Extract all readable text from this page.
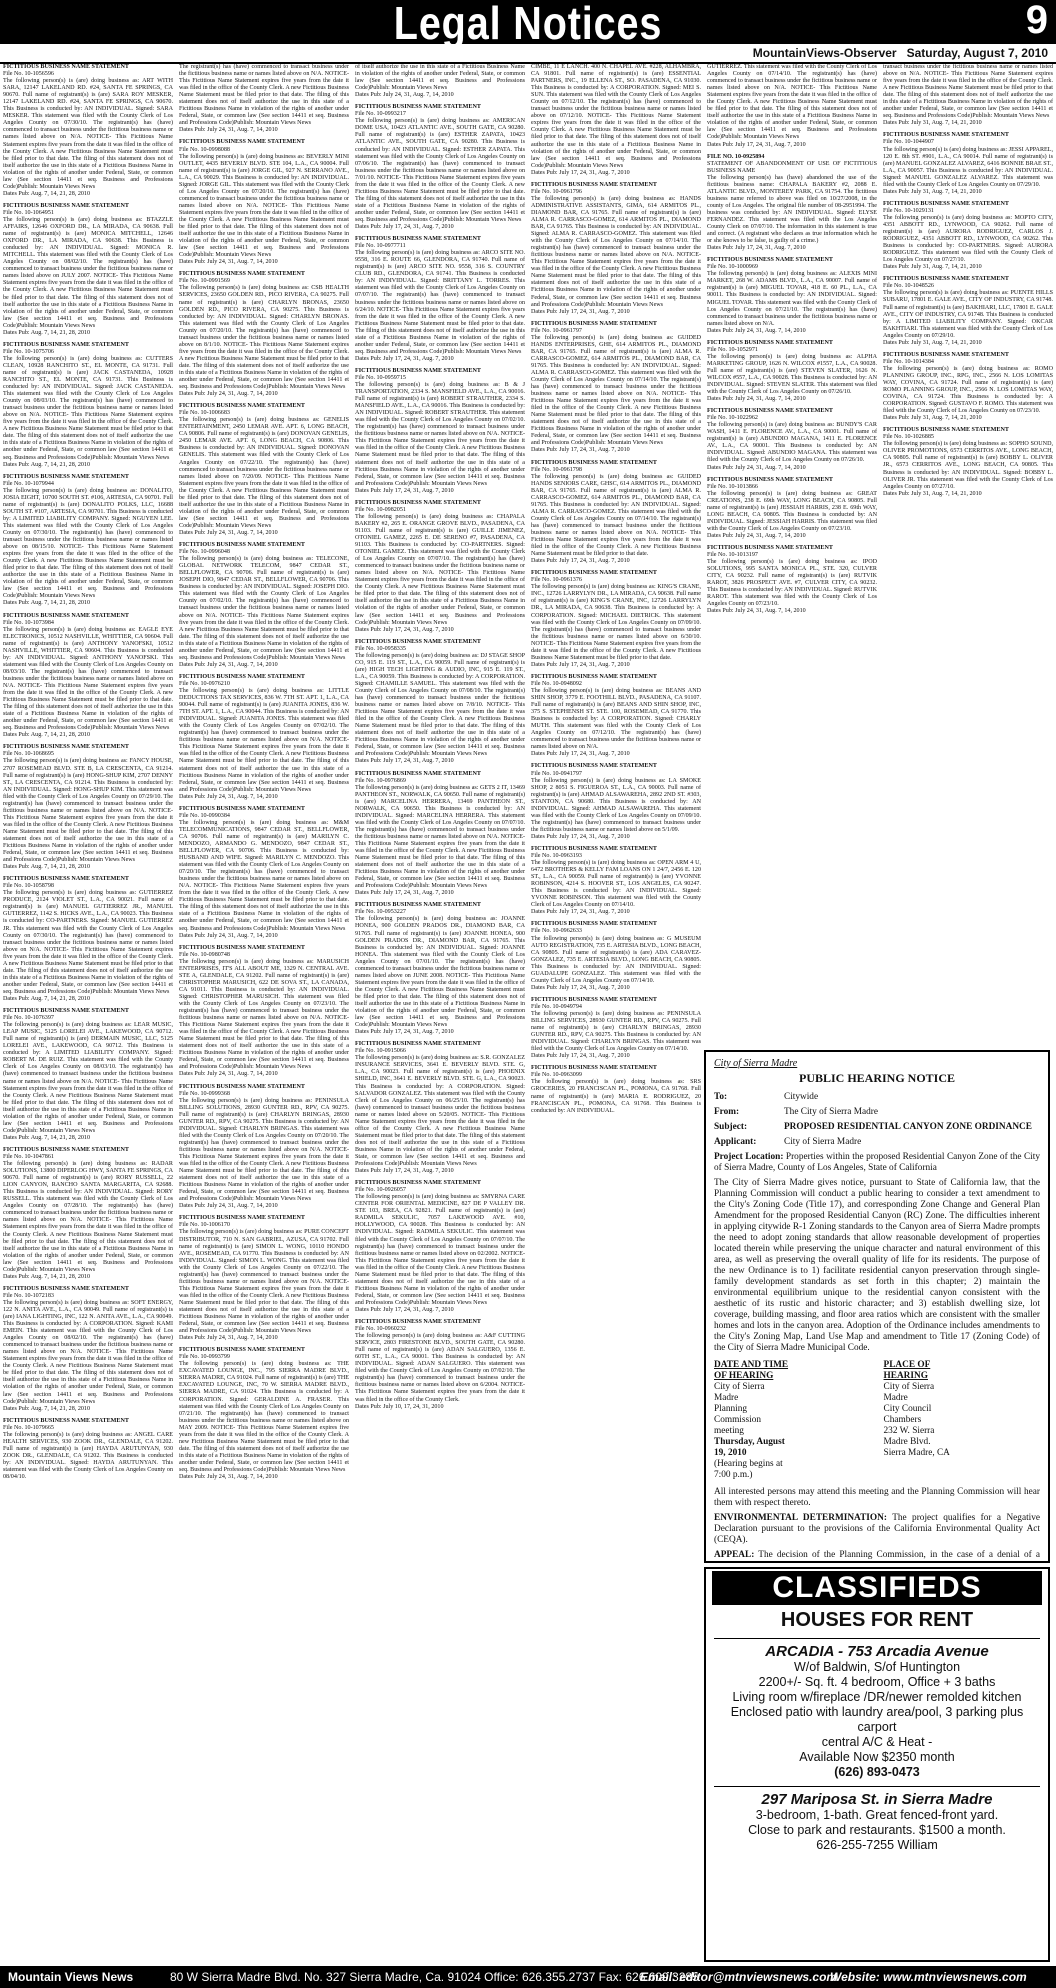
Legal Notices	9
MountainViews-Observer Saturday, August 7, 2010
FICTITIOUS BUSINESS NAME STATEMENT
File No. 10-1056596
The following person(s) is (are) doing business as: ART WITH SARA, 12147 LAKELAND RD. #24, SANTA FE SPRINGS, CA 90670. Full name of registrant(s) is (are) SARA ROY MESKER, 12147 LAKELAND RD. #24, SANTA FE SPRINGS, CA 90670. This Business is conducted by: AN INDIVIDUAL. Signed: SARA MESKER. This statement was filed with the County Clerk of Los Angeles County on 07/30/10. The registrant(s) has (have) commenced to transact business under the fictitious business name or names listed above on N/A. NOTICE- This Fictitious Name Statement expires five years from the date it was filed in the office of the County Clerk. A new Fictitious Business Name Statement must be filed prior to that date. The filing of this statement does not of itself authorize the use in this state of a Fictitious Business Name in violation of the rights of another under Federal, State, or common law (See section 14411 et seq. Business and Professions Code)Publish: Mountain Views News
Dates Pub: Aug. 7, 14, 21, 28, 2010
FICTITIOUS BUSINESS NAME STATEMENT
File No. 10-1064951
The following person(s) is (are) doing business as: BTAZZLE AFFAIRS, 12646 OXFORD DR., LA MIRADA, CA 90638. Full name of registrant(s) is (are) MONICA MITCHELL, 12646 OXFORD DR., LA MIRADA, CA 90638. This Business is conducted by: AN INDIVIDUAL. Signed: MONICA R. MITCHELL. This statement was filed with the County Clerk of Los Angeles County on 08/02/10. The registrant(s) has (have) commenced to transact business under the fictitious business name or names listed above on JULY 2007. NOTICE- This Fictitious Name Statement expires five years from the date it was filed in the office of the County Clerk. A new Fictitious Business Name Statement must be filed prior to that date. The filing of this statement does not of itself authorize the use in this state of a Fictitious Business Name in violation of the rights of another under Federal, State, or common law (See section 14411 et seq. Business and Professions Code)Publish: Mountain Views News
Dates Pub: Aug. 7, 14, 21, 28, 2010
FICTITIOUS BUSINESS NAME STATEMENT
File No. 10-1075706
The following person(s) is (are) doing business as: CUTTERS CLEAN, 10928 RANCHITO ST., EL MONTE, CA 91731. Full name of registrant(s) is (are) JACK CASTANEDA, 10928 RANCHITO ST., EL MONTE, CA 91731. This Business is conducted by: AN INDIVIDUAL. Signed: JACK CASTANEDA. This statement was filed with the County Clerk of Los Angeles County on 08/03/10. The registrant(s) has (have) commenced to transact business under the fictitious business name or names listed above on N/A. NOTICE- This Fictitious Name Statement expires five years from the date it was filed in the office of the County Clerk. A new Fictitious Business Name Statement must be filed prior to that date. The filing of this statement does not of itself authorize the use in this state of a Fictitious Business Name in violation of the rights of another under Federal, State, or common law (See section 14411 et seq. Business and Professions Code)Publish: Mountain Views News
Dates Pub: Aug. 7, 14, 21, 28, 2010
FICTITIOUS BUSINESS NAME STATEMENT
File No. 10-1079944
The following person(s) is (are) doing business as: DONALITO, JOSIA EIGHT, 10700 SOUTH ST. #106, ARTESIA, CA 90701. Full name of registrant(s) is (are) DONALITO POLKS, LLC, 16688 SOUTH ST. #107, ARTESIA, CA 90701. This Business is conducted by: A LIMITED LIABILITY COMPANY. Signed: NGUYEN LEE. This statement was filed with the County Clerk of Los Angeles County on 07/30/10. The registrant(s) has (have) commenced to transact business under the fictitious business name or names listed above on 08/15/10. NOTICE- This Fictitious Name Statement expires five years from the date it was filed in the office of the County Clerk. A new Fictitious Business Name Statement must be filed prior to that date. The filing of this statement does not of itself authorize the use in this state of a Fictitious Business Name in violation of the rights of another under Federal, State, or common law (See section 14411 et seq. Business and Professions Code)Publish: Mountain Views News
Dates Pub: Aug. 7, 14, 21, 28, 2010
FICTITIOUS BUSINESS NAME STATEMENT
File No. 10-1073984
The following person(s) is (are) doing business as: EAGLE EYE ELECTRONICS, 10512 NASHVILLE, WHITTIER, CA 90604. Full name of registrant(s) is (are) ANTHONY YANOFSKI, 10512 NASHVILLE, WHITTIER, CA 90604. This Business is conducted by: AN INDIVIDUAL. Signed: ANTHONY YANOFSKI. This statement was filed with the County Clerk of Los Angeles County on 08/03/10. The registrant(s) has (have) commenced to transact business under the fictitious business name or names listed above on N/A. NOTICE- This Fictitious Name Statement expires five years from the date it was filed in the office of the County Clerk. A new Fictitious Business Name Statement must be filed prior to that date. The filing of this statement does not of itself authorize the use in this state of a Fictitious Business Name in violation of the rights of another under Federal, State, or common law (See section 14411 et seq. Business and Professions Code)Publish: Mountain Views News
Dates Pub: Aug. 7, 14, 21, 28, 2010
FICTITIOUS BUSINESS NAME STATEMENT
File No. 10-1068695
The following person(s) is (are) doing business as: FANCY HOUSE, 2707 ROSEMEAD BLVD. STE B, LA CRESCENTA, CA 91214. Full name of registrant(s) is (are) HONG-SHUP KIM, 2707 DENNY ST., LA CRESCENTA, CA 91214. This Business is conducted by: AN INDIVIDUAL. Signed: HONG-SHUP KIM. This statement was filed with the County Clerk of Los Angeles County on 07/29/10. The registrant(s) has (have) commenced to transact business under the fictitious business name or names listed above on N/A. NOTICE- This Fictitious Name Statement expires five years from the date it was filed in the office of the County Clerk. A new Fictitious Business Name Statement must be filed prior to that date. The filing of this statement does not of itself authorize the use in this state of a Fictitious Business Name in violation of the rights of another under Federal, State, or common law (See section 14411 et seq. Business and Professions Code)Publish: Mountain Views News
Dates Pub: Aug. 7, 14, 21, 28, 2010
FICTITIOUS BUSINESS NAME STATEMENT
File No. 10-1058798
The following person(s) is (are) doing business as: GUTIERREZ PRODUCE, 2124 VIOLET ST., L.A., CA 90021. Full name of registrant(s) is (are) MANUEL GUTIERREZ JR., MANUEL GUTIERREZ, 1142 S. HICKS AVE., L.A., CA 90023. This Business is conducted by: CO-PARTNERS. Signed: MANUEL GUTIERREZ JR. This statement was filed with the County Clerk of Los Angeles County on 07/30/10. The registrant(s) has (have) commenced to transact business under the fictitious business name or names listed above on N/A. NOTICE- This Fictitious Name Statement expires five years from the date it was filed in the office of the County Clerk. A new Fictitious Business Name Statement must be filed prior to that date. The filing of this statement does not of itself authorize the use in this state of a Fictitious Business Name in violation of the rights of another under Federal, State, or common law (See section 14411 et seq. Business and Professions Code)Publish: Mountain Views News
Dates Pub: Aug. 7, 14, 21, 28, 2010
FICTITIOUS BUSINESS NAME STATEMENT
File No. 10-1076397
The following person(s) is (are) doing business as: LEAR MUSIC, LEAP MUSIC, 5125 LORELEI AVE., LAKEWOOD, CA 90712. Full name of registrant(s) is (are) DERMAIN MUSIC, LLC, 5125 LORELEI AVE., LAKEWOOD, CA 90712. This Business is conducted by: A LIMITED LIABILITY COMPANY. Signed: ROBERT M. DE RUIZ. This statement was filed with the County Clerk of Los Angeles County on 08/03/10. The registrant(s) has (have) commenced to transact business under the fictitious business name or names listed above on N/A. NOTICE- This Fictitious Name Statement expires five years from the date it was filed in the office of the County Clerk. A new Fictitious Business Name Statement must be filed prior to that date. The filing of this statement does not of itself authorize the use in this state of a Fictitious Business Name in violation of the rights of another under Federal, State, or common law (See section 14411 et seq. Business and Professions Code)Publish: Mountain Views News
Dates Pub: Aug. 7, 14, 21, 28, 2010
FICTITIOUS BUSINESS NAME STATEMENT
File No. 10-1047861
The following person(s) is (are) doing business as: RADAR SOLUTIONS, 13800 DIPERLOG HWY, SANTA FE SPRINGS, CA 90670. Full name of registrant(s) is (are) RORY RUSSELL, 22 LION CANYON, RANCHO SANTA MARGARITA, CA 92688. This Business is conducted by: AN INDIVIDUAL. Signed: RORY RUSSELL. This statement was filed with the County Clerk of Los Angeles County on 07/28/10. The registrant(s) has (have) commenced to transact business under the fictitious business name or names listed above on N/A. NOTICE- This Fictitious Name Statement expires five years from the date it was filed in the office of the County Clerk. A new Fictitious Business Name Statement must be filed prior to that date. The filing of this statement does not of itself authorize the use in this state of a Fictitious Business Name in violation of the rights of another under Federal, State, or common law (See section 14411 et seq. Business and Professions Code)Publish: Mountain Views News
Dates Pub: Aug. 7, 14, 21, 28, 2010
FICTITIOUS BUSINESS NAME STATEMENT
File No. 10-1072183
The following person(s) is (are) doing business as: SOFT ENERGY, 122 N. ANITA AVE., L.A., CA 90049. Full name of registrant(s) is (are) IANA LIGHTING, INC, 122 N. ANITA AVE., L.A., CA 90049. This Business is conducted by: A CORPORATION. Signed: KAMI EMEIN. This statement was filed with the County Clerk of Los Angeles County on 08/02/10. The registrant(s) has (have) commenced to transact business under the fictitious business name or names listed above on N/A. NOTICE- This Fictitious Name Statement expires five years from the date it was filed in the office of the County Clerk. A new Fictitious Business Name Statement must be filed prior to that date. The filing of this statement does not of itself authorize the use in this state of a Fictitious Business Name in violation of the rights of another under Federal, State, or common law (See section 14411 et seq. Business and Professions Code)Publish: Mountain Views News
Dates Pub: Aug. 7, 14, 21, 28, 2010
FICTITIOUS BUSINESS NAME STATEMENT
File No. 10-1079665
The following person(s) is (are) doing business as: ANGEL CARE HEALTH SERVICES, 930 ZOOK DR., GLENDALE, CA 91202. Full name of registrant(s) is (are) HAYDA ARUTUNYAN, 930 ZOOK DR., GLENDALE, CA 91202. This Business is conducted by: AN INDIVIDUAL. Signed: HAYDA ARUTUNYAN. This statement was filed with the County Clerk of Los Angeles County on 08/04/10.
The registrant(s) has (have) commenced to transact business under the fictitious business name or names listed above on N/A. NOTICE- This Fictitious Name Statement expires five years from the date it was filed in the office of the County Clerk. A new Fictitious Business Name Statement must be filed prior to that date. The filing of this statement does not of itself authorize the use in this state of a Fictitious Business Name in violation of the rights of another under Federal, State, or common law (See section 14411 et seq. Business and Professions Code)Publish: Mountain Views News
Dates Pub: July 24, 31, Aug. 7, 14, 2010
FICTITIOUS BUSINESS NAME STATEMENT
File No. 10-0998088
The following person(s) is (are) doing business as: BEVERLY MINI OUTLET, 4435 BEVERLY BLVD. STE 104, L.A., CA 90004. Full name of registrant(s) is (are) JORGE GIL, 927 N. SERRANO AVE., L.A., CA 90029. This Business is conducted by: AN INDIVIDUAL. Signed: JORGE GIL. This statement was filed with the County Clerk of Los Angeles County on 07/20/10. The registrant(s) has (have) commenced to transact business under the fictitious business name or names listed above on N/A. NOTICE- This Fictitious Name Statement expires five years from the date it was filed in the office of the County Clerk. A new Fictitious Business Name Statement must be filed prior to that date. The filing of this statement does not of itself authorize the use in this state of a Fictitious Business Name in violation of the rights of another under Federal, State, or common law (See section 14411 et seq. Business and Professions Code)Publish: Mountain Views News
Dates Pub: July 24, 31, Aug. 7, 14, 2010
FICTITIOUS BUSINESS NAME STATEMENT
File No. 10-0991569
The following person(s) is (are) doing business as: CSB HEALTH SERVICES, 23650 GOLDEN RD., PICO RIVERA, CA 90275. Full name of registrant(s) is (are) CHARLYN BRONAS, 23650 GOLDEN RD., PICO RIVERA, CA 90275. This Business is conducted by: AN INDIVIDUAL. Signed: CHARLYN BRONAS. This statement was filed with the County Clerk of Los Angeles County on 07/20/10. The registrant(s) has (have) commenced to transact business under the fictitious business name or names listed above on 8/1/10. NOTICE- This Fictitious Name Statement expires five years from the date it was filed in the office of the County Clerk. A new Fictitious Business Name Statement must be filed prior to that date. The filing of this statement does not of itself authorize the use in this state of a Fictitious Business Name in violation of the rights of another under Federal, State, or common law (See section 14411 et seq. Business and Professions Code)Publish: Mountain Views News
Dates Pub: July 24, 31, Aug. 7, 14, 2010
FICTITIOUS BUSINESS NAME STATEMENT
File No. 10-1006683
The following person(s) is (are) doing business as: GENELIS ENTERTAINMENT, 2450 LEMAR AVE. APT. 6, LONG BEACH, CA 90806. Full name of registrant(s) is (are) DONOVAN GENELIS, 2450 LEMAR AVE. APT. 6, LONG BEACH, CA 90806. This Business is conducted by: AN INDIVIDUAL. Signed: DONOVAN GENELIS. This statement was filed with the County Clerk of Los Angeles County on 07/22/10. The registrant(s) has (have) commenced to transact business under the fictitious business name or names listed above on 7/20/09. NOTICE- This Fictitious Name Statement expires five years from the date it was filed in the office of the County Clerk. A new Fictitious Business Name Statement must be filed prior to that date. The filing of this statement does not of itself authorize the use in this state of a Fictitious Business Name in violation of the rights of another under Federal, State, or common law (See section 14411 et seq. Business and Professions Code)Publish: Mountain Views News
Dates Pub: July 24, 31, Aug. 7, 14, 2010
FICTITIOUS BUSINESS NAME STATEMENT
File No. 10-0996048
The following person(s) is (are) doing business as: TELECONE, GLOBAL NETWORK TELECOM, 9847 CEDAR ST., BELLFLOWER, CA 90706. Full name of registrant(s) is (are) JOSEPH DIO, 9847 CEDAR ST., BELLFLOWER, CA 90706. This Business is conducted by: AN INDIVIDUAL. Signed: JOSEPH DIO. This statement was filed with the County Clerk of Los Angeles County on 07/02/10. The registrant(s) has (have) commenced to transact business under the fictitious business name or names listed above on N/A. NOTICE- This Fictitious Name Statement expires five years from the date it was filed in the office of the County Clerk. A new Fictitious Business Name Statement must be filed prior to that date. The filing of this statement does not of itself authorize the use in this state of a Fictitious Business Name in violation of the rights of another under Federal, State, or common law (See section 14411 et seq. Business and Professions Code)Publish: Mountain Views News
Dates Pub: July 24, 31, Aug. 7, 14, 2010
FICTITIOUS BUSINESS NAME STATEMENT
File No. 10-0976210
The following person(s) is (are) doing business as: LITTLE DEDUCTIONS TAX SERVICES, 836 W. 7TH ST. APT. 1, L.A., CA 90044. Full name of registrant(s) is (are) JUANITA JONES, 836 W. 7TH ST. APT. 1, L.A., CA 90044. This Business is conducted by: AN INDIVIDUAL. Signed: JUANITA JONES. This statement was filed with the County Clerk of Los Angeles County on 07/02/10. The registrant(s) has (have) commenced to transact business under the fictitious business name or names listed above on N/A. NOTICE- This Fictitious Name Statement expires five years from the date it was filed in the office of the County Clerk. A new Fictitious Business Name Statement must be filed prior to that date. The filing of this statement does not of itself authorize the use in this state of a Fictitious Business Name in violation of the rights of another under Federal, State, or common law (See section 14411 et seq. Business and Professions Code)Publish: Mountain Views News
Dates Pub: July 24, 31, Aug. 7, 14, 2010
FICTITIOUS BUSINESS NAME STATEMENT
File No. 10-0990384
The following person(s) is (are) doing business as: M&M TELECOMMUNICATIONS, 9847 CEDAR ST., BELLFLOWER, CA 90706. Full name of registrant(s) is (are) MARILYN C. MENDOZO, ARMANDO G. MENDOZO, 9847 CEDAR ST., BELLFLOWER, CA 90706. This Business is conducted by: HUSBAND AND WIFE. Signed: MARILYN C. MENDOZO. This statement was filed with the County Clerk of Los Angeles County on 07/20/10. The registrant(s) has (have) commenced to transact business under the fictitious business name or names listed above on N/A. NOTICE- This Fictitious Name Statement expires five years from the date it was filed in the office of the County Clerk. A new Fictitious Business Name Statement must be filed prior to that date. The filing of this statement does not of itself authorize the use in this state of a Fictitious Business Name in violation of the rights of another under Federal, State, or common law (See section 14411 et seq. Business and Professions Code)Publish: Mountain Views News
Dates Pub: July 24, 31, Aug. 7, 14, 2010
FICTITIOUS BUSINESS NAME STATEMENT
File No. 10-0980748
The following person(s) is (are) doing business as: MARUSICH ENTERPRISES, IT'S ALL ABOUT ME, 1329 N. CENTRAL AVE. STE A, GLENDALE, CA 91202. Full name of registrant(s) is (are) CHRISTOPHER MARUSICH, 622 DE SOVA ST., LA CANADA, CA 91011. This Business is conducted by: AN INDIVIDUAL. Signed: CHRISTOPHER MARUSICH. This statement was filed with the County Clerk of Los Angeles County on 07/23/10. The registrant(s) has (have) commenced to transact business under the fictitious business name or names listed above on N/A. NOTICE- This Fictitious Name Statement expires five years from the date it was filed in the office of the County Clerk. A new Fictitious Business Name Statement must be filed prior to that date. The filing of this statement does not of itself authorize the use in this state of a Fictitious Business Name in violation of the rights of another under Federal, State, or common law (See section 14411 et seq. Business and Professions Code)Publish: Mountain Views News
Dates Pub: July 24, 31, Aug. 7, 14, 2010
FICTITIOUS BUSINESS NAME STATEMENT
File No. 10-0999368
The following person(s) is (are) doing business as: PENINSULA BILLING SOLUTIONS, 28930 GUNTER RD., RPV, CA 90275. Full name of registrant(s) is (are) CHARLYN BRINGAS, 28930 GUNTER RD., RPV, CA 90275. This Business is conducted by: AN INDIVIDUAL. Signed: CHARLYN BRINGAS. This statement was filed with the County Clerk of Los Angeles County on 07/20/10. The registrant(s) has (have) commenced to transact business under the fictitious business name or names listed above on N/A. NOTICE- This Fictitious Name Statement expires five years from the date it was filed in the office of the County Clerk. A new Fictitious Business Name Statement must be filed prior to that date. The filing of this statement does not of itself authorize the use in this state of a Fictitious Business Name in violation of the rights of another under Federal, State, or common law (See section 14411 et seq. Business and Professions Code)Publish: Mountain Views News
Dates Pub: July 24, 31, Aug. 7, 14, 2010
FICTITIOUS BUSINESS NAME STATEMENT
File No. 10-1006170
The following person(s) is (are) doing business as: PURE CONCEPT DISTRIBUTOR, 710 N. SAN GABRIEL, AZUSA, CA 91702. Full name of registrant(s) is (are) SIMON L. WONG, 10110 HONDO AVE., ROSEMEAD, CA 91770. This Business is conducted by: AN INDIVIDUAL. Signed: SIMON L. WONG. This statement was filed with the County Clerk of Los Angeles County on 07/22/10. The registrant(s) has (have) commenced to transact business under the fictitious business name or names listed above on N/A. NOTICE- This Fictitious Name Statement expires five years from the date it was filed in the office of the County Clerk. A new Fictitious Business Name Statement must be filed prior to that date. The filing of this statement does not of itself authorize the use in this state of a Fictitious Business Name in violation of the rights of another under Federal, State, or common law (See section 14411 et seq. Business and Professions Code)Publish: Mountain Views News
Dates Pub: July 24, 31, Aug. 7, 14, 2010
FICTITIOUS BUSINESS NAME STATEMENT
File No. 10-0993799
The following person(s) is (are) doing business as: THE EXCAVATED LOUNGE, INC., 795 SIERRA MADRE BLVD., SIERRA MADRE, CA 91024. Full name of registrant(s) is (are) THE EXCAVATED LOUNGE, INC, 70 W. SIERRA MADRE BLVD., SIERRA MADRE, CA 91024. This Business is conducted by: A CORPORATION. Signed: GERALDINE A. FRASER. This statement was filed with the County Clerk of Los Angeles County on 07/21/10. The registrant(s) has (have) commenced to transact business under the fictitious business name or names listed above on MAY 2009. NOTICE- This Fictitious Name Statement expires five years from the date it was filed in the office of the County Clerk. A new Fictitious Business Name Statement must be filed prior to that date. The filing of this statement does not of itself authorize the use in this state of a Fictitious Business Name in violation of the rights of another under Federal, State, or common law (See section 14411 et seq. Business and Professions Code)Publish: Mountain Views News
Dates Pub: July 24, 31, Aug. 7, 14, 2010
of itself authorize the use in this state of a Fictitious Business Name in violation of the rights of another under Federal, State, or common law (See section 14411 et seq. Business and Professions Code)Publish: Mountain Views News
Dates Pub: July 24, 31, Aug. 7, 14, 2010
FICTITIOUS BUSINESS NAME STATEMENT
File No. 10-0993217
The following person(s) is (are) doing business as: AMERICAN DOME USA, 10423 ATLANTIC AVE., SOUTH GATE, CA 90280. Full name of registrant(s) is (are) ESTHER ZAPATA, 10423 ATLANTIC AVE., SOUTH GATE, CA 90280. This Business is conducted by: AN INDIVIDUAL. Signed: ESTHER ZAPATA. This statement was filed with the County Clerk of Los Angeles County on 07/06/10. The registrant(s) has (have) commenced to transact business under the fictitious business name or names listed above on 7/01/10. NOTICE- This Fictitious Name Statement expires five years from the date it was filed in the office of the County Clerk. A new Fictitious Business Name Statement must be filed prior to that date. The filing of this statement does not of itself authorize the use in this state of a Fictitious Business Name in violation of the rights of another under Federal, State, or common law (See section 14411 et seq. Business and Professions Code)Publish: Mountain Views News
Dates Pub: July 17, 24, 31, Aug. 7, 2010
FICTITIOUS BUSINESS NAME STATEMENT
File No. 10-0977711
The following person(s) is (are) doing business as: ARCO SITE NO. 9558, 316 E. ROUTE 66, GLENDORA, CA 91740. Full name of registrant(s) is (are) ARCO SITE NO. 9558, 316 S. COUNTRY CLUB RD., GLENDORA, CA 91741. This Business is conducted by: AN INDIVIDUAL. Signed: BRITTANY L. TORRES. This statement was filed with the County Clerk of Los Angeles County on 07/07/10. The registrant(s) has (have) commenced to transact business under the fictitious business name or names listed above on 6/24/10. NOTICE- This Fictitious Name Statement expires five years from the date it was filed in the office of the County Clerk. A new Fictitious Business Name Statement must be filed prior to that date. The filing of this statement does not of itself authorize the use in this state of a Fictitious Business Name in violation of the rights of another under Federal, State, or common law (See section 14411 et seq. Business and Professions Code)Publish: Mountain Views News
Dates Pub: July 17, 24, 31, Aug. 7, 2010
FICTITIOUS BUSINESS NAME STATEMENT
File No. 10-0959715
The following person(s) is (are) doing business as: B & J TRANSPORTATION, 2334 S. MANSFIELD AVE., L.A., CA 90016. Full name of registrant(s) is (are) ROBERT STRAUTHER, 2334 S. MANSFIELD AVE., L.A., CA 90016. This Business is conducted by: AN INDIVIDUAL. Signed: ROBERT STRAUTHER. This statement was filed with the County Clerk of Los Angeles County on 07/02/10. The registrant(s) has (have) commenced to transact business under the fictitious business name or names listed above on N/A. NOTICE- This Fictitious Name Statement expires five years from the date it was filed in the office of the County Clerk. A new Fictitious Business Name Statement must be filed prior to that date. The filing of this statement does not of itself authorize the use in this state of a Fictitious Business Name in violation of the rights of another under Federal, State, or common law (See section 14411 et seq. Business and Professions Code)Publish: Mountain Views News
Dates Pub: July 17, 24, 31, Aug. 7, 2010
FICTITIOUS BUSINESS NAME STATEMENT
File No. 10-0982051
The following person(s) is (are) doing business as: CHAPALA BAKERY #2, 265 E. ORANGE GROVE BLVD., PASADENA, CA 91103. Full name of registrant(s) is (are) GUILLE JIMENEZ, OTONIEL GAMEZ, 2265 E. DE SERENO #7, PASADENA, CA 91103. This Business is conducted by: CO-PARTNERS. Signed: OTONIEL GAMEZ. This statement was filed with the County Clerk of Los Angeles County on 07/07/10. The registrant(s) has (have) commenced to transact business under the fictitious business name or names listed above on N/A. NOTICE- This Fictitious Name Statement expires five years from the date it was filed in the office of the County Clerk. A new Fictitious Business Name Statement must be filed prior to that date. The filing of this statement does not of itself authorize the use in this state of a Fictitious Business Name in violation of the rights of another under Federal, State, or common law (See section 14411 et seq. Business and Professions Code)Publish: Mountain Views News
Dates Pub: July 17, 24, 31, Aug. 7, 2010
FICTITIOUS BUSINESS NAME STATEMENT
File No. 10-0958335
The following person(s) is (are) doing business as: DJ STAGE SHOP CO, 915 E. 119 ST., L.A., CA 90059. Full name of registrant(s) is (are) HIGH TECH LIGHTING & AUDIO, INC, 915 E. 119 ST., L.A., CA 90059. This Business is conducted by: A CORPORATION. Signed: CHAMILLE SAMUEL. This statement was filed with the County Clerk of Los Angeles County on 07/08/10. The registrant(s) has (have) commenced to transact business under the fictitious business name or names listed above on 7/8/10. NOTICE- This Fictitious Name Statement expires five years from the date it was filed in the office of the County Clerk. A new Fictitious Business Name Statement must be filed prior to that date. The filing of this statement does not of itself authorize the use in this state of a Fictitious Business Name in violation of the rights of another under Federal, State, or common law (See section 14411 et seq. Business and Professions Code)Publish: Mountain Views News
Dates Pub: July 17, 24, 31, Aug. 7, 2010
FICTITIOUS BUSINESS NAME STATEMENT
File No. 10-0976869
The following person(s) is (are) doing business as: GETS 2 IT, 13469 PANTHEON ST., NORWALK, CA 90650. Full name of registrant(s) is (are) MARCELINA HERRERA, 13469 PANTHEON ST., NORWALK, CA 90650. This Business is conducted by: AN INDIVIDUAL. Signed: MARCELINA HERRERA. This statement was filed with the County Clerk of Los Angeles County on 07/07/10. The registrant(s) has (have) commenced to transact business under the fictitious business name or names listed above on N/A. NOTICE- This Fictitious Name Statement expires five years from the date it was filed in the office of the County Clerk. A new Fictitious Business Name Statement must be filed prior to that date. The filing of this statement does not of itself authorize the use in this state of a Fictitious Business Name in violation of the rights of another under Federal, State, or common law (See section 14411 et seq. Business and Professions Code)Publish: Mountain Views News
Dates Pub: July 17, 24, 31, Aug. 7, 2010
FICTITIOUS BUSINESS NAME STATEMENT
File No. 10-0953227
The following person(s) is (are) doing business as: JOANNE HONEA, 900 GOLDEN PRADOS DR., DIAMOND BAR, CA 91765. Full name of registrant(s) is (are) JOANNE HONEA, 900 GOLDEN PRADOS DR., DIAMOND BAR, CA 91765. This Business is conducted by: AN INDIVIDUAL. Signed: JOANNE HONEA. This statement was filed with the County Clerk of Los Angeles County on 07/01/10. The registrant(s) has (have) commenced to transact business under the fictitious business name or names listed above on JUNE 2008. NOTICE- This Fictitious Name Statement expires five years from the date it was filed in the office of the County Clerk. A new Fictitious Business Name Statement must be filed prior to that date. The filing of this statement does not of itself authorize the use in this state of a Fictitious Business Name in violation of the rights of another under Federal, State, or common law (See section 14411 et seq. Business and Professions Code)Publish: Mountain Views News
Dates Pub: July 17, 24, 31, Aug. 7, 2010
FICTITIOUS BUSINESS NAME STATEMENT
File No. 10-0915066
The following person(s) is (are) doing business as: S.R. GONZALEZ INSURANCE SERVICES, 3641 E. BEVERLY BLVD. STE. G, L.A., CA 90023. Full name of registrant(s) is (are) PHOENIX SHIELD, INC, 3641 E. BEVERLY BLVD. STE. G, L.A., CA 90023. This Business is conducted by: A CORPORATION. Signed: SALVADOR GONZALEZ. This statement was filed with the County Clerk of Los Angeles County on 06/25/10. The registrant(s) has (have) commenced to transact business under the fictitious business name or names listed above on 5/20/05. NOTICE- This Fictitious Name Statement expires five years from the date it was filed in the office of the County Clerk. A new Fictitious Business Name Statement must be filed prior to that date. The filing of this statement does not of itself authorize the use in this state of a Fictitious Business Name in violation of the rights of another under Federal, State, or common law (See section 14411 et seq. Business and Professions Code)Publish: Mountain Views News
Dates Pub: July 17, 24, 31, Aug. 7, 2010
FICTITIOUS BUSINESS NAME STATEMENT
File No. 10-0926057
The following person(s) is (are) doing business as: SMYRNA CARE CENTER FOR ORIENTAL MEDICINE, 827 DE P VALLEY DR. STE 103, BREA, CA 92821. Full name of registrant(s) is (are) RADMILA SEKULIC, 7057 LAKEWOOD AVE. #10, HOLLYWOOD, CA 90028. This Business is conducted by: AN INDIVIDUAL. Signed: RADMILA SEKULIC. This statement was filed with the County Clerk of Los Angeles County on 07/07/10. The registrant(s) has (have) commenced to transact business under the fictitious business name or names listed above on 02/2002. NOTICE- This Fictitious Name Statement expires five years from the date it was filed in the office of the County Clerk. A new Fictitious Business Name Statement must be filed prior to that date. The filing of this statement does not of itself authorize the use in this state of a Fictitious Business Name in violation of the rights of another under Federal, State, or common law (See section 14411 et seq. Business and Professions Code)Publish: Mountain Views News
Dates Pub: July 17, 24, 31, Aug. 7, 2010
FICTITIOUS BUSINESS NAME STATEMENT
File No. 10-0960232
The following person(s) is (are) doing business as: A&F CUTTING SERVICE, 2803 FIRESTONE BLVD., SOUTH GATE, CA 90280. Full name of registrant(s) is (are) ADAN SALGUERO, 1356 E. 60TH ST., L.A., CA 90001. This Business is conducted by: AN INDIVIDUAL. Signed: ADAN SALGUERO. This statement was filed with the County Clerk of Los Angeles County on 07/02/10. The registrant(s) has (have) commenced to transact business under the fictitious business name or names listed above on 6/2004. NOTICE- This Fictitious Name Statement expires five years from the date it was filed in the office of the County Clerk.
Dates Pub: July 10, 17, 24, 31, 2010
CIMBE, 11 E LANCH. 400 N. CHAPEL AVE. #228, ALHAMBRA, CA 91801. Full name of registrant(s) is (are) ESSENTIAL PARTNERS, INC., 19 ELLENA ST., SO. PASADENA, CA 91030. This Business is conducted by: A CORPORATION. Signed: MEI S. SUN. This statement was filed with the County Clerk of Los Angeles County on 07/12/10. The registrant(s) has (have) commenced to transact business under the fictitious business name or names listed above on 07/12/10. NOTICE- This Fictitious Name Statement expires five years from the date it was filed in the office of the County Clerk. A new Fictitious Business Name Statement must be filed prior to that date. The filing of this statement does not of itself authorize the use in this state of a Fictitious Business Name in violation of the rights of another under Federal, State, or common law (See section 14411 et seq. Business and Professions Code)Publish: Mountain Views News
Dates Pub: July 17, 24, 31, Aug. 7, 2010
FICTITIOUS BUSINESS NAME STATEMENT
File No. 10-0961796
The following person(s) is (are) doing business as: HANDS ADMINISTRATIVE ASSISTANTS, GIMA, 614 ARMITOS PL., DIAMOND BAR, CA 91765. Full name of registrant(s) is (are) ALMA R. CARRASCO-GOMEZ, 614 ARMITOS PL., DIAMOND BAR, CA 91765. This Business is conducted by: AN INDIVIDUAL. Signed: ALMA R. CARRASCO-GOMEZ. This statement was filed with the County Clerk of Los Angeles County on 07/14/10. The registrant(s) has (have) commenced to transact business under the fictitious business name or names listed above on N/A. NOTICE- This Fictitious Name Statement expires five years from the date it was filed in the office of the County Clerk. A new Fictitious Business Name Statement must be filed prior to that date. The filing of this statement does not of itself authorize the use in this state of a Fictitious Business Name in violation of the rights of another under Federal, State, or common law (See section 14411 et seq. Business and Professions Code)Publish: Mountain Views News
Dates Pub: July 17, 24, 31, Aug. 7, 2010
FICTITIOUS BUSINESS NAME STATEMENT
File No. 10-0961797
The following person(s) is (are) doing business as: GUIDED HANDS ENTERPRISES, GHE, 614 ARMITOS PL., DIAMOND BAR, CA 91765. Full name of registrant(s) is (are) ALMA R. CARRASCO-GOMEZ, 614 ARMITOS PL., DIAMOND BAR, CA 91765. This Business is conducted by: AN INDIVIDUAL. Signed: ALMA R. CARRASCO-GOMEZ. This statement was filed with the County Clerk of Los Angeles County on 07/14/10. The registrant(s) has (have) commenced to transact business under the fictitious business name or names listed above on N/A. NOTICE- This Fictitious Name Statement expires five years from the date it was filed in the office of the County Clerk. A new Fictitious Business Name Statement must be filed prior to that date. The filing of this statement does not of itself authorize the use in this state of a Fictitious Business Name in violation of the rights of another under Federal, State, or common law (See section 14411 et seq. Business and Professions Code)Publish: Mountain Views News
Dates Pub: July 17, 24, 31, Aug. 7, 2010
FICTITIOUS BUSINESS NAME STATEMENT
File No. 10-0961798
The following person(s) is (are) doing business as: GUIDED HANDS SENIORS CARE, GHSC, 614 ARMITOS PL., DIAMOND BAR, CA 91765. Full name of registrant(s) is (are) ALMA R. CARRASCO-GOMEZ, 614 ARMITOS PL., DIAMOND BAR, CA 91765. This Business is conducted by: AN INDIVIDUAL. Signed: ALMA R. CARRASCO-GOMEZ. This statement was filed with the County Clerk of Los Angeles County on 07/14/10. The registrant(s) has (have) commenced to transact business under the fictitious business name or names listed above on N/A. NOTICE- This Fictitious Name Statement expires five years from the date it was filed in the office of the County Clerk. A new Fictitious Business Name Statement must be filed prior to that date.
Dates Pub: July 17, 24, 31, Aug. 7, 2010
FICTITIOUS BUSINESS NAME STATEMENT
File No. 10-0961376
The following person(s) is (are) doing business as: KING'S CRANE, INC., 12726 LARRYLYN DR., LA MIRADA, CA 90638. Full name of registrant(s) is (are) KING'S CRANE, INC, 12726 LARRYLYN DR., LA MIRADA, CA 90638. This Business is conducted by: A CORPORATION. Signed: MICHAEL DIETRICK. This statement was filed with the County Clerk of Los Angeles County on 07/09/10. The registrant(s) has (have) commenced to transact business under the fictitious business name or names listed above on 6/30/10. NOTICE- This Fictitious Name Statement expires five years from the date it was filed in the office of the County Clerk. A new Fictitious Business Name Statement must be filed prior to that date.
Dates Pub: July 17, 24, 31, Aug. 7, 2010
FICTITIOUS BUSINESS NAME STATEMENT
File No. 10-0948092
The following person(s) is (are) doing business as: BEANS AND SHIN SHOP, 3779 E. FOOTHILL BLVD., PASADENA, CA 91107. Full name of registrant(s) is (are) BEANS AND SHIN SHOP, INC, 375 S. STEPHENSH ST. STE. 100, ROSEMEAD, CA 91770. This Business is conducted by: A CORPORATION. Signed: CHARLY MUTH. This statement was filed with the County Clerk of Los Angeles County on 07/12/10. The registrant(s) has (have) commenced to transact business under the fictitious business name or names listed above on N/A.
Dates Pub: July 17, 24, 31, Aug. 7, 2010
FICTITIOUS BUSINESS NAME STATEMENT
File No. 10-0941797
The following person(s) is (are) doing business as: LA SMOKE SHOP, 2 8051 S. FIGUEROA ST., L.A., CA 90003. Full name of registrant(s) is (are) AHMAD ALSAWAREHA, 2892 2ND ST. #303, STANTON, CA 90680. This Business is conducted by: AN INDIVIDUAL. Signed: AHMAD ALSAWAREHA. This statement was filed with the County Clerk of Los Angeles County on 07/09/10. The registrant(s) has (have) commenced to transact business under the fictitious business name or names listed above on 5/1/09.
Dates Pub: July 17, 24, 31, Aug. 7, 2010
FICTITIOUS BUSINESS NAME STATEMENT
File No. 10-0963193
The following person(s) is (are) doing business as: OPEN ARM 4 U, 6472 BROTHERS & KELLY FAM LOANS ON 1 24/7, 2456 E. 120 ST., L.A., CA 90059. Full name of registrant(s) is (are) YVONNE ROBINSON, 4214 S. HOOVER ST., LOS ANGELES, CA 90247. This Business is conducted by: AN INDIVIDUAL. Signed: YVONNE ROBINSON. This statement was filed with the County Clerk of Los Angeles County on 07/14/10.
Dates Pub: July 17, 24, 31, Aug. 7, 2010
FICTITIOUS BUSINESS NAME STATEMENT
File No. 10-0962633
The following person(s) is (are) doing business as: G MUSEUM AUTO REGISTRATION, 735 E. ARTESIA BLVD., LONG BEACH, CA 90805. Full name of registrant(s) is (are) ADA CARAVEZ-GONZALEZ, 735 E. ARTESIA BLVD., LONG BEACH, CA 90805. This Business is conducted by: AN INDIVIDUAL. Signed: GUADALUPE GONZALEZ. This statement was filed with the County Clerk of Los Angeles County on 07/14/10.
Dates Pub: July 17, 24, 31, Aug. 7, 2010
FICTITIOUS BUSINESS NAME STATEMENT
File No. 10-0949794
The following person(s) is (are) doing business as: PENINSULA BILLING SERVICES, 28930 GUNTER RD., RPV, CA 90275. Full name of registrant(s) is (are) CHARLYN BRINGAS, 28930 GUNTER RD., RPV, CA 90275. This Business is conducted by: AN INDIVIDUAL. Signed: CHARLYN BRINGAS. This statement was filed with the County Clerk of Los Angeles County on 07/14/10.
Dates Pub: July 17, 24, 31, Aug. 7, 2010
FICTITIOUS BUSINESS NAME STATEMENT
File No. 10-0963099
The following person(s) is (are) doing business as: SRS GROCERIES, 20 FRANCISCAN PL., POMONA, CA 91768. Full name of registrant(s) is (are) MARIA E. RODRIGUEZ, 20 FRANCISCAN PL., POMONA, CA 91768. This Business is conducted by: AN INDIVIDUAL.
GUTIERREZ. This statement was filed with the County Clerk of Los Angeles County on 07/14/10. The registrant(s) has (have) commenced to transact business under the fictitious business name or names listed above on N/A. NOTICE- This Fictitious Name Statement expires five years from the date it was filed in the office of the County Clerk. A new Fictitious Business Name Statement must be filed prior to that date. The filing of this statement does not of itself authorize the use in this state of a Fictitious Business Name in violation of the rights of another under Federal, State, or common law (See section 14411 et seq. Business and Professions Code)Publish: Mountain Views News
Dates Pub: July 17, 24, 31, Aug. 7, 2010
FILE NO. 10-0925894
STATEMENT OF ABANDONMENT OF USE OF FICTITIOUS BUSINESS NAME
The following person(s) has (have) abandoned the use of the fictitious business name: CHAPALA BAKERY #2, 2088 E. ATLANTIC BLVD., MONTEREY PARK, CA 91754. The fictitious business name referred to above was filed on 10/27/2008, in the county of Los Angeles. The original file number of 08-2951994. The business was conducted by: AN INDIVIDUAL. Signed: ELYSE FERNANDEZ. This statement was filed with the Los Angeles County Clerk on 07/07/10. The information in this statement is true and correct. (A registrant who declares as true information which he or she knows to be false, is guilty of a crime.)
Dates Pub: July 17, 24, 31, Aug. 7, 2010
FICTITIOUS BUSINESS NAME STATEMENT
File No. 10-1000969
The following person(s) is (are) doing business as: ALEXIS MINI MARKET, 268 W. ADAMS BLVD., L.A., CA 90007. Full name of registrant(s) is (are) MIGUEL TOVAR, 418 E. 60 PL., L.A., CA 90011. This Business is conducted by: AN INDIVIDUAL. Signed: MIGUEL TOVAR. This statement was filed with the County Clerk of Los Angeles County on 07/21/10. The registrant(s) has (have) commenced to transact business under the fictitious business name or names listed above on N/A.
Dates Pub: July 24, 31, Aug. 7, 14, 2010
FICTITIOUS BUSINESS NAME STATEMENT
File No. 10-1052971
The following person(s) is (are) doing business as: ALPHA MARKETING GROUP, 1626 N. WILCOX #1557, L.A., CA 90028. Full name of registrant(s) is (are) STEVEN SLATER, 1626 N. WILCOX #557, L.A., CA 90028. This Business is conducted by: AN INDIVIDUAL. Signed: STEVEN SLATER. This statement was filed with the County Clerk of Los Angeles County on 07/26/10.
Dates Pub: July 24, 31, Aug. 7, 14, 2010
FICTITIOUS BUSINESS NAME STATEMENT
File No. 10-1022962
The following person(s) is (are) doing business as: BUNDY'S CAR WASH, 1411 E. FLORENCE AV., L.A., CA 90001. Full name of registrant(s) is (are) ABUNDIO MAGANA, 1411 E. FLORENCE AV., L.A., CA 90001. This Business is conducted by: AN INDIVIDUAL. Signed: ABUNDIO MAGANA. This statement was filed with the County Clerk of Los Angeles County on 07/26/10.
Dates Pub: July 24, 31, Aug. 7, 14, 2010
FICTITIOUS BUSINESS NAME STATEMENT
File No. 10-1013866
The following person(s) is (are) doing business as: GREAT CREATIONS, 238 E. 69th WAY, LONG BEACH, CA 90805. Full name of registrant(s) is (are) JESSIAH HARRIS, 238 E. 69th WAY, LONG BEACH, CA 90805. This Business is conducted by: AN INDIVIDUAL. Signed: JESSIAH HARRIS. This statement was filed with the County Clerk of Los Angeles County on 07/23/10.
Dates Pub: July 24, 31, Aug. 7, 14, 2010
FICTITIOUS BUSINESS NAME STATEMENT
File No. 10-1013197
The following person(s) is (are) doing business as: IPOD SOLUTIONS, 995 SANTA MONICA PL., STE. 320, CULVER CITY, CA 90232. Full name of registrant(s) is (are) RUTVIK RAROT, 3826 PROSPECT AVE. #7, CULVER CITY, CA 90232. This Business is conducted by: AN INDIVIDUAL. Signed: RUTVIK RAROT. This statement was filed with the County Clerk of Los Angeles County on 07/23/10.
Dates Pub: July 24, 31, Aug. 7, 14, 2010
transact business under the fictitious business name or names listed above on N/A. NOTICE- This Fictitious Name Statement expires five years from the date it was filed in the office of the County Clerk. A new Fictitious Business Name Statement must be filed prior to that date. The filing of this statement does not of itself authorize the use in this state of a Fictitious Business Name in violation of the rights of another under Federal, State, or common law (See section 14411 et seq. Business and Professions Code)Publish: Mountain Views News
Dates Pub: July 31, Aug. 7, 14, 21, 2010
FICTITIOUS BUSINESS NAME STATEMENT
File No. 10-1044907
The following person(s) is (are) doing business as: JESSI APPAREL, 120 E. 8th ST. #901, L.A., CA 90014. Full name of registrant(s) is (are) MANUEL GONZALEZ ALVAREZ, 6416 BONNIE BRAE ST., L.A., CA 90057. This Business is conducted by: AN INDIVIDUAL. Signed: MANUEL GONZALEZ ALVAREZ. This statement was filed with the County Clerk of Los Angeles County on 07/29/10.
Dates Pub: July 31, Aug. 7, 14, 21, 2010
FICTITIOUS BUSINESS NAME STATEMENT
File No. 10-1029131
The following person(s) is (are) doing business as: MOPTO CITY, 4351 ABBOTT RD., LYNWOOD, CA 90262. Full name of registrant(s) is (are) AURORA RODRIGUEZ, CARLOS J. RODRIGUEZ, 4351 ABBOTT RD., LYNWOOD, CA 90262. This Business is conducted by: CO-PARTNERS. Signed: AURORA RODRIGUEZ. This statement was filed with the County Clerk of Los Angeles County on 07/27/10.
Dates Pub: July 31, Aug. 7, 14, 21, 2010
FICTITIOUS BUSINESS NAME STATEMENT
File No. 10-1048526
The following person(s) is (are) doing business as: PUENTE HILLS SUBARU, 17801 E. GALE AVE., CITY OF INDUSTRY, CA 91748. Full name of registrant(s) is (are) BAKHIARI, LLC, 17801 E. GALE AVE., CITY OF INDUSTRY, CA 91748. This Business is conducted by: A LIMITED LIABILITY COMPANY. Signed: OKCAR BAKHTIARI. This statement was filed with the County Clerk of Los Angeles County on 07/29/10.
Dates Pub: July 31, Aug. 7, 14, 21, 2010
FICTITIOUS BUSINESS NAME STATEMENT
File No. 10-1014384
The following person(s) is (are) doing business as: ROMO PLANNING GROUP, INC., RPG, INC., 2566 N. LOS LOMITAS WAY, COVINA, CA 91724. Full name of registrant(s) is (are) ROMO PLANNING GROUP, INC., 2566 N. LOS LOMITAS WAY, COVINA, CA 91724. This Business is conducted by: A CORPORATION. Signed: GUSTAVO F. ROMO. This statement was filed with the County Clerk of Los Angeles County on 07/23/10.
Dates Pub: July 31, Aug. 7, 14, 21, 2010
FICTITIOUS BUSINESS NAME STATEMENT
File No. 10-1026885
The following person(s) is (are) doing business as: SOPHO SOUND, OLIVER PROMOTIONS, 6573 CERRITOS AVE., LONG BEACH, CA 90805. Full name of registrant(s) is (are) BOBBY L. OLIVER JR., 6573 CERRITOS AVE., LONG BEACH, CA 90805. This Business is conducted by: AN INDIVIDUAL. Signed: BOBBY L. OLIVER JR. This statement was filed with the County Clerk of Los Angeles County on 07/27/10.
Dates Pub: July 31, Aug. 7, 14, 21, 2010
City of Sierra Madre
PUBLIC HEARING NOTICE
To:	Citywide
From:	The City of Sierra Madre
Subject:	PROPOSED RESIDENTIAL CANYON ZONE ORDINANCE
Applicant:	City of Sierra Madre

Project Location: Properties within the proposed Residential Canyon Zone of the City of Sierra Madre, County of Los Angeles, State of California

The City of Sierra Madre gives notice, pursuant to State of California law, that the Planning Commission will conduct a public hearing to consider a text amendment to the City's Zoning Code (Title 17), and corresponding Zone Change and General Plan Amendment for the proposed Residential Canyon (RC) Zone. The difficulties inherent in applying citywide R-1 Zoning standards to the Canyon area of Sierra Madre prompts the need to adopt zoning standards that allow reasonable development of properties located therein while preserving the unique character and natural environment of this area, as well as preserving the overall quality of life for its residents. The purpose of the new Ordinance is to 1) facilitate residential canyon preservation through single-family development standards as set forth in this chapter; 2) maintain the environmental equilibrium unique to the residential canyon consistent with the aesthetic of its rustic and historic character; and 3) establish dwelling size, lot coverage, building massing, and floor area ratios which are consistent with the smaller homes and lots in the canyon area. Adoption of the Ordinance includes amendments to the City's Zoning Map, Land Use Map and amendment to Title 17 (Zoning Code) of the City of Sierra Madre Municipal Code.

DATE AND TIME OF HEARING
City of Sierra Madre
Planning Commission meeting
Thursday, August 19, 2010
(Hearing begins at 7:00 p.m.)
PLACE OF HEARING
City of Sierra Madre
City Council Chambers
232 W. Sierra Madre Blvd.
Sierra Madre, CA

All interested persons may attend this meeting and the Planning Commission will hear them with respect thereto.

ENVIRONMENTAL DETERMINATION: The project qualifies for a Negative Declaration pursuant to the provisions of the California Environmental Quality Act (CEQA).

APPEAL: The decision of the Planning Commission, in the case of a denial of a

CLASSIFIEDS
HOUSES FOR RENT
ARCADIA - 753 Arcadia Avenue
W/of Baldwin, S/of Huntington
2200+/- Sq. ft. 4 bedroom, Office + 3 baths
Living room w/fireplace /DR/newer remolded kitchen
Enclosed patio with laundry area/pool, 3 parking plus carport
central A/C & Heat -
Available Now $2350 month
(626) 893-0473
297 Mariposa St. in Sierra Madre
3-bedroom, 1-bath. Great fenced-front yard.
Close to park and restaurants. $1500 a month.
626-255-7255 William
Mountain Views News	80 W Sierra Madre Blvd. No. 327 Sierra Madre, Ca. 91024 Office: 626.355.2737 Fax: 626.609.3285
Email: editor@mtnviewsnews.com
Website: www.mtnviewsnews.com
